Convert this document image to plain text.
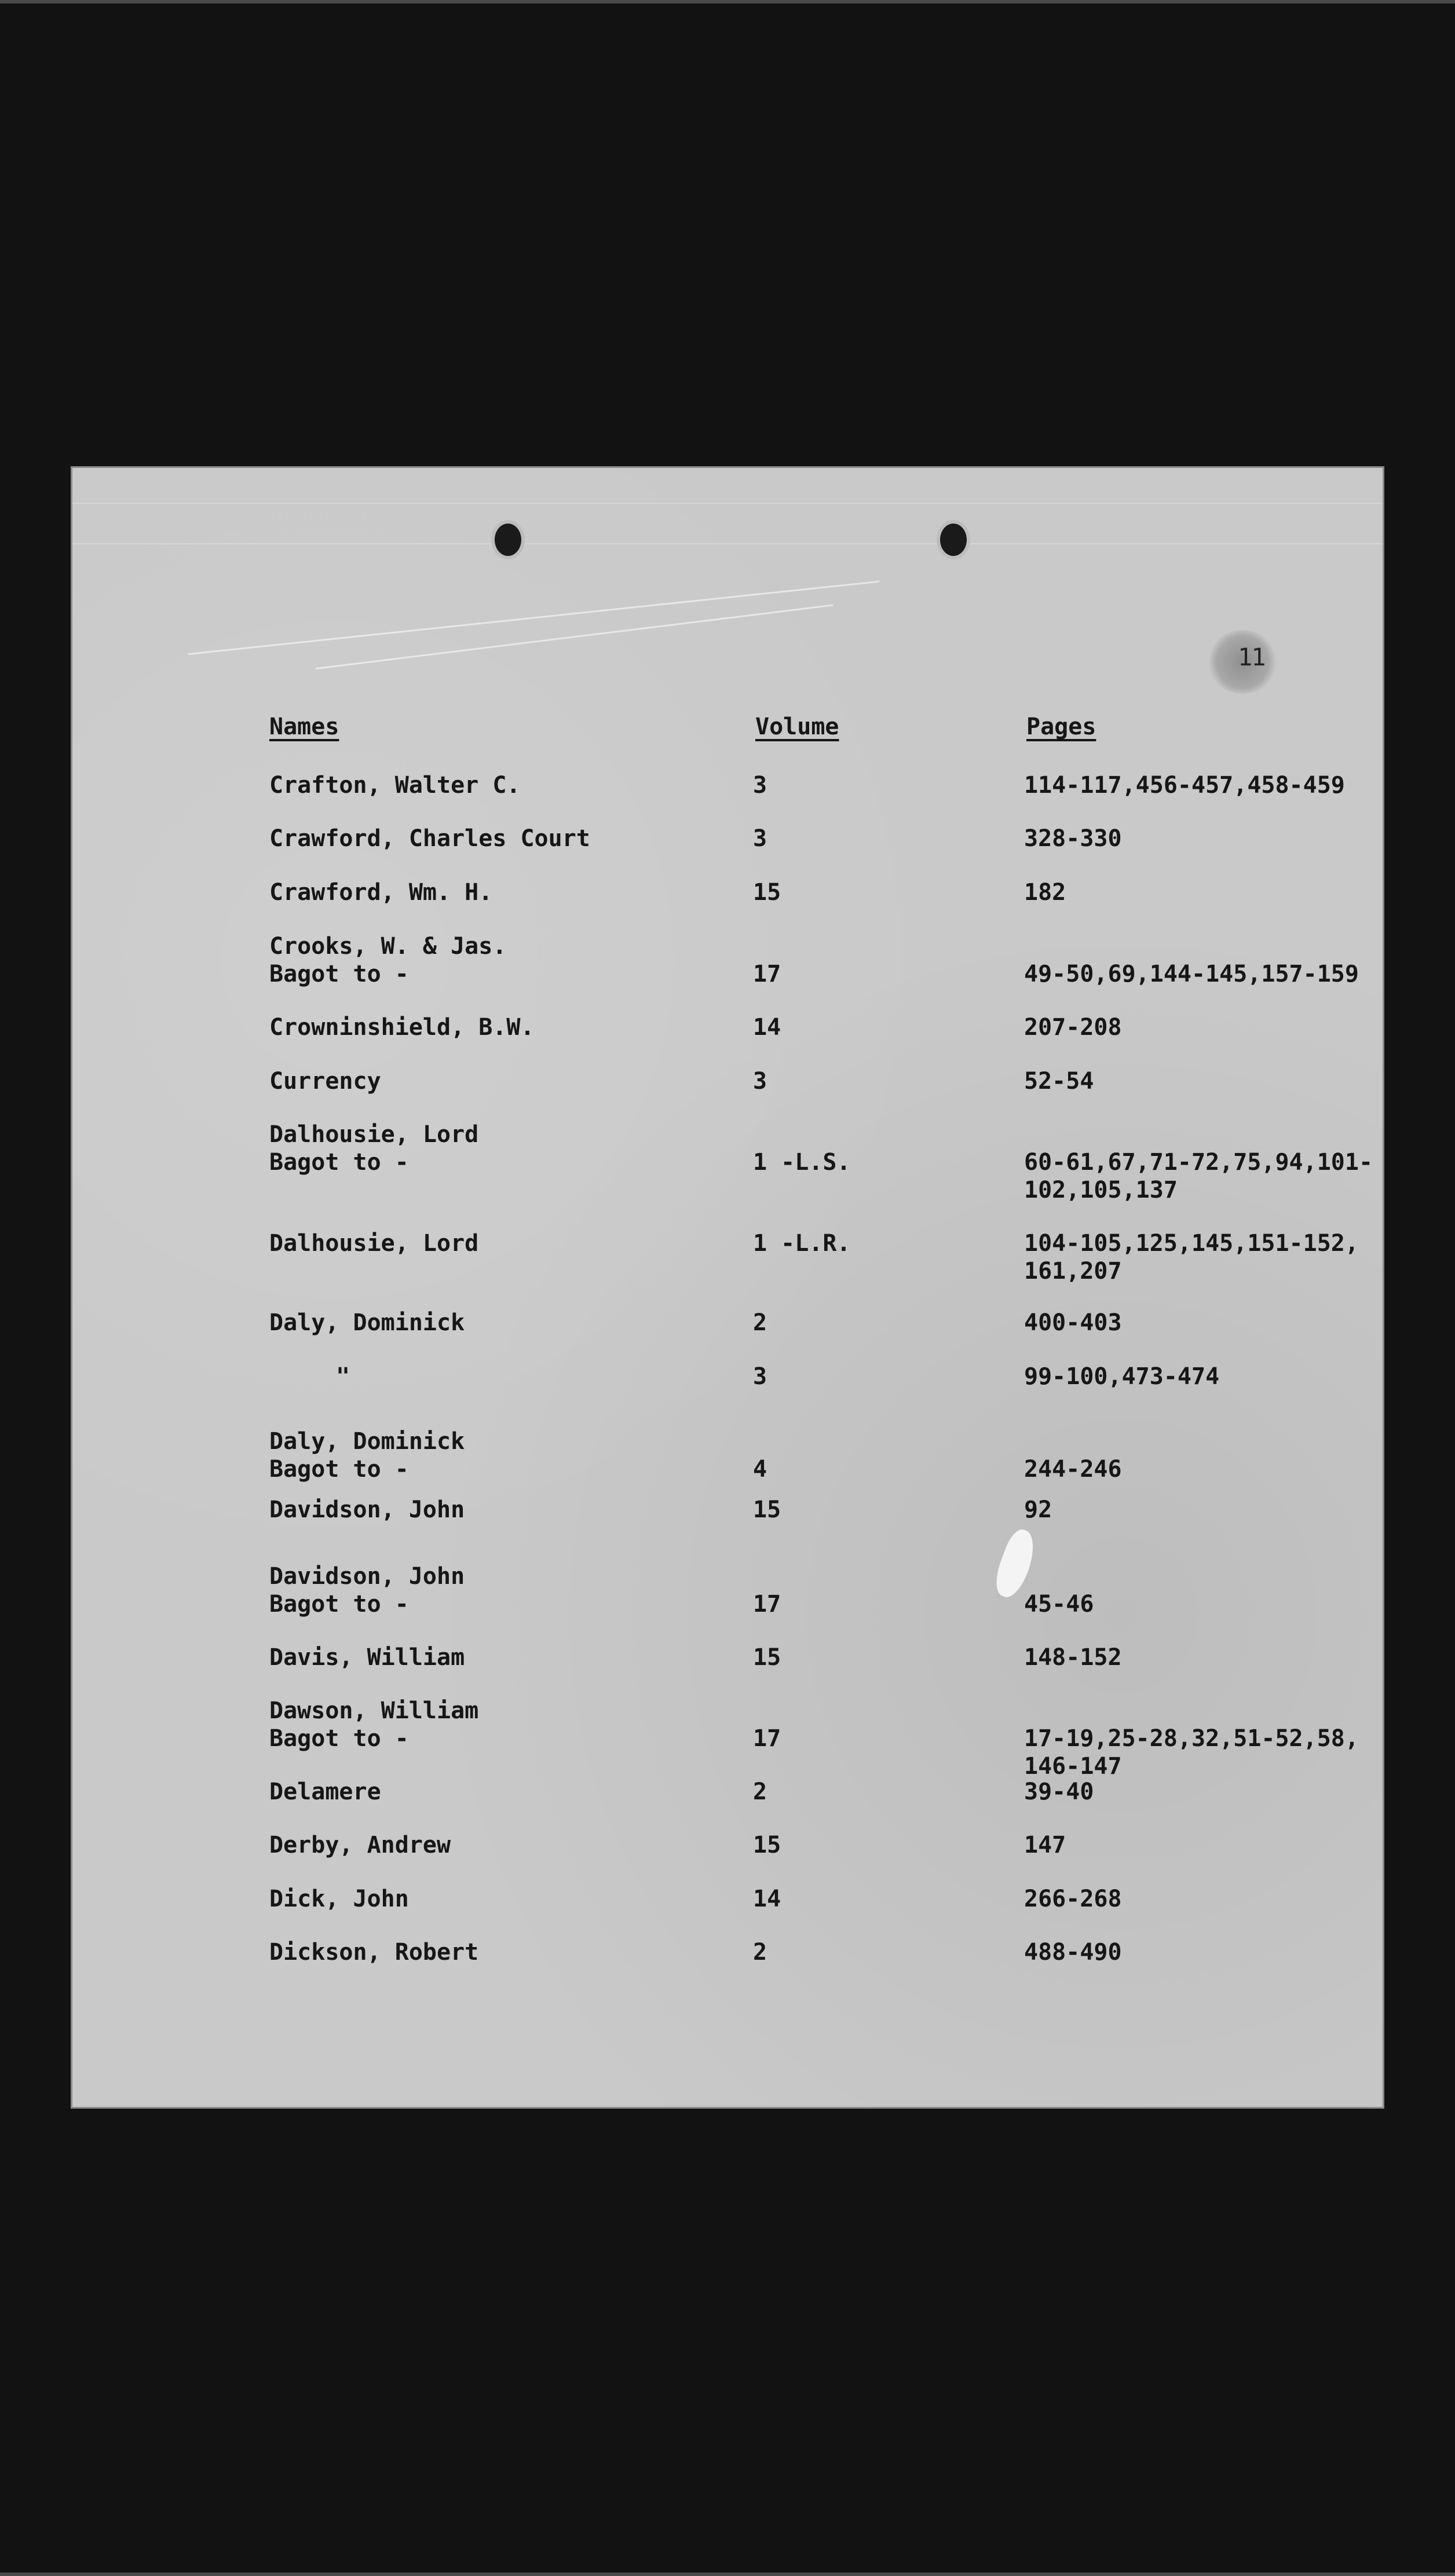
11
Names	Volume	Pages
Crafton, Walter C.	3	114-117,456-457,458-459
Crawford, Charles Court	3	328-330
Crawford, Wm. H.	15	182
Crooks, W. & Jas.
Bagot to -	17	49-50,69,144-145,157-159
Crowninshield, B.W.	14	207-208
Currency	3	52-54
Dalhousie, Lord
Bagot to -	1 -L.S.	60-61,67,71-72,75,94,101-
102,105,137
Dalhousie, Lord	1 -L.R.	104-105,125,145,151-152,
161,207
Daly, Dominick	2	400-403
"	3	99-100,473-474
Daly, Dominick
Bagot to -	4	244-246
Davidson, John	15	92
Davidson, John
Bagot to -	17	45-46
Davis, William	15	148-152
Dawson, William
Bagot to -	17	17-19,25-28,32,51-52,58,
146-147
Delamere	2	39-40
Derby, Andrew	15	147
Dick, John	14	266-268
Dickson, Robert	2	488-490
